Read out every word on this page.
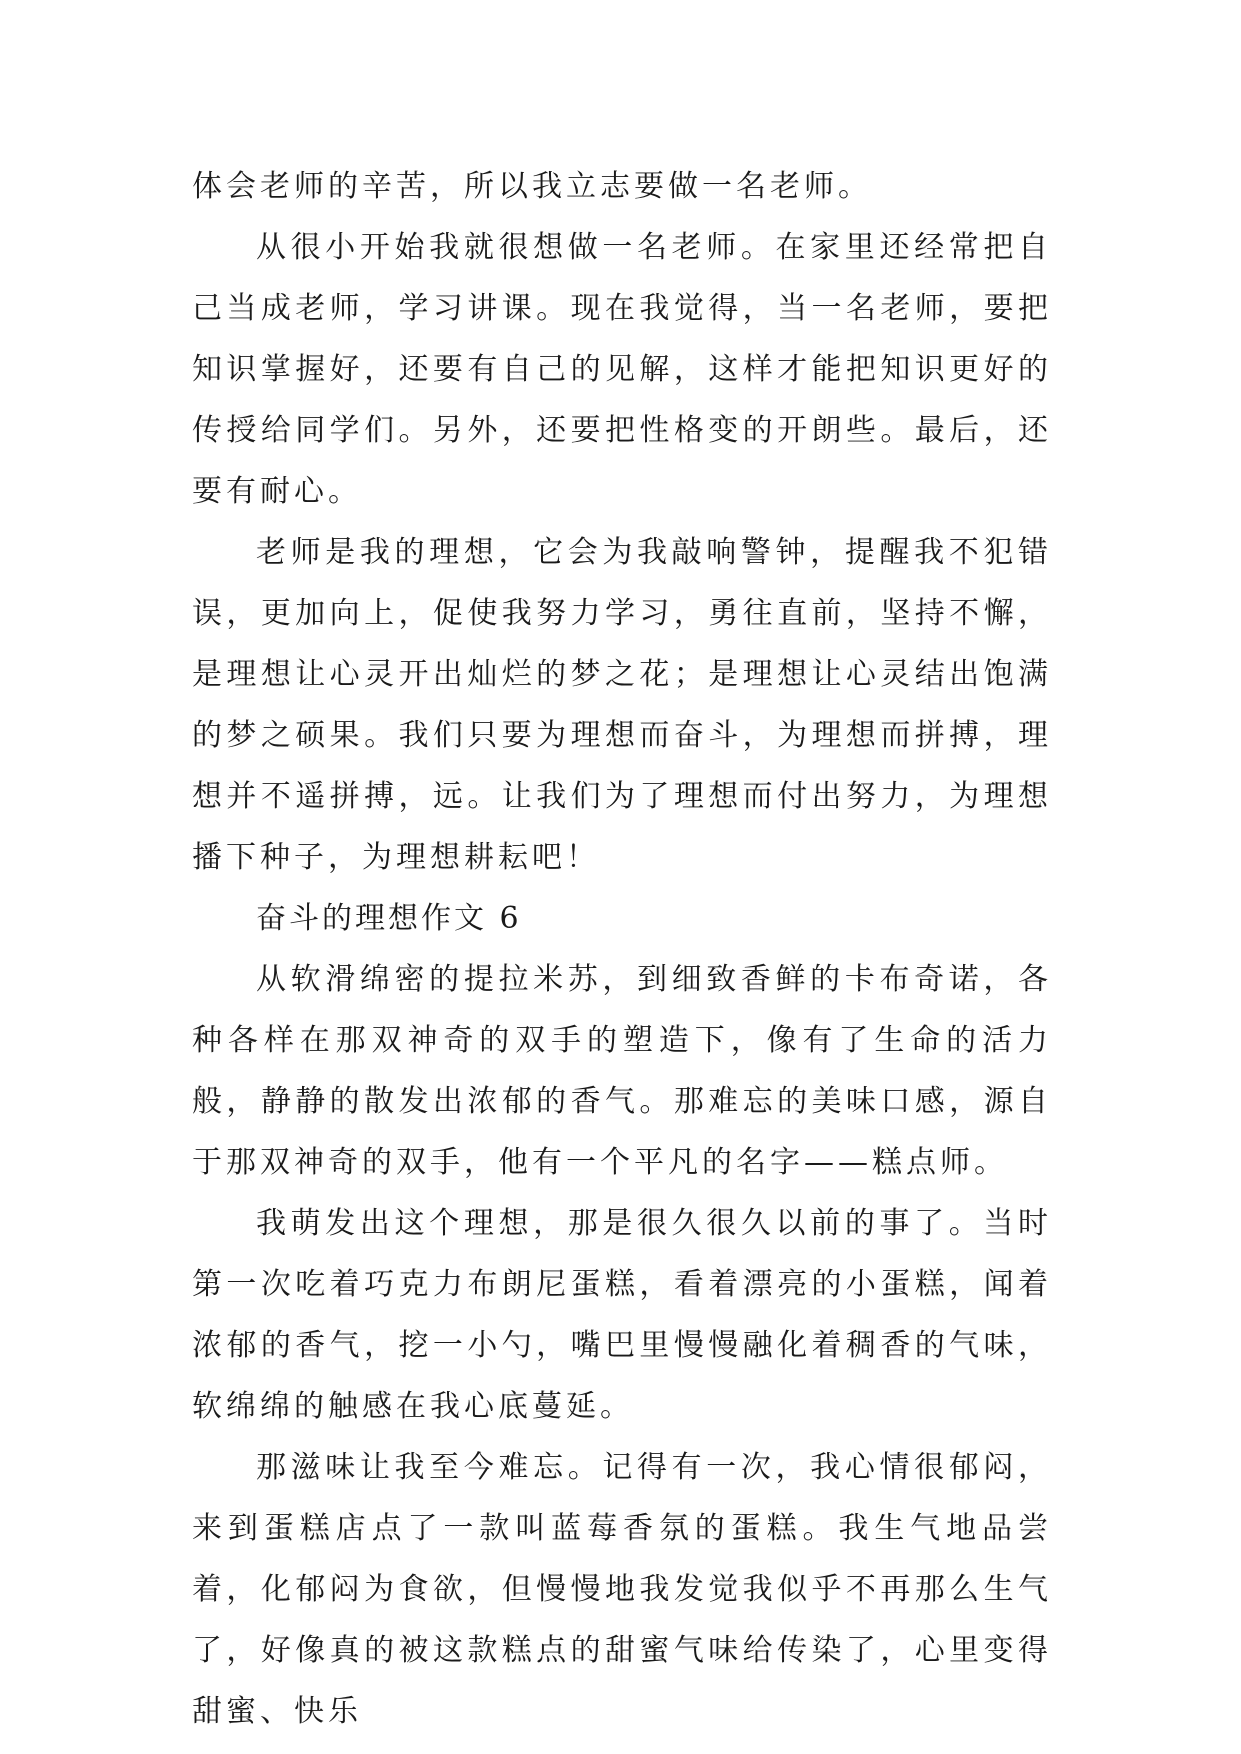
体会老师的辛苦，所以我立志要做一名老师。

从很小开始我就很想做一名老师。在家里还经常把自己当成老师，学习讲课。现在我觉得，当一名老师，要把知识掌握好，还要有自己的见解，这样才能把知识更好的传授给同学们。另外，还要把性格变的开朗些。最后，还要有耐心。

老师是我的理想，它会为我敲响警钟，提醒我不犯错误，更加向上，促使我努力学习，勇往直前，坚持不懈，是理想让心灵开出灿烂的梦之花；是理想让心灵结出饱满的梦之硕果。我们只要为理想而奋斗，为理想而拼搏，理想并不遥拼搏，远。让我们为了理想而付出努力，为理想播下种子，为理想耕耘吧！

奋斗的理想作文 6

从软滑绵密的提拉米苏，到细致香鲜的卡布奇诺，各种各样在那双神奇的双手的塑造下，像有了生命的活力般，静静的散发出浓郁的香气。那难忘的美味口感，源自于那双神奇的双手，他有一个平凡的名字——糕点师。

我萌发出这个理想，那是很久很久以前的事了。当时第一次吃着巧克力布朗尼蛋糕，看着漂亮的小蛋糕，闻着浓郁的香气，挖一小勺，嘴巴里慢慢融化着稠香的气味，软绵绵的触感在我心底蔓延。

那滋味让我至今难忘。记得有一次，我心情很郁闷，来到蛋糕店点了一款叫蓝莓香氛的蛋糕。我生气地品尝着，化郁闷为食欲，但慢慢地我发觉我似乎不再那么生气了，好像真的被这款糕点的甜蜜气味给传染了，心里变得甜蜜、快乐
